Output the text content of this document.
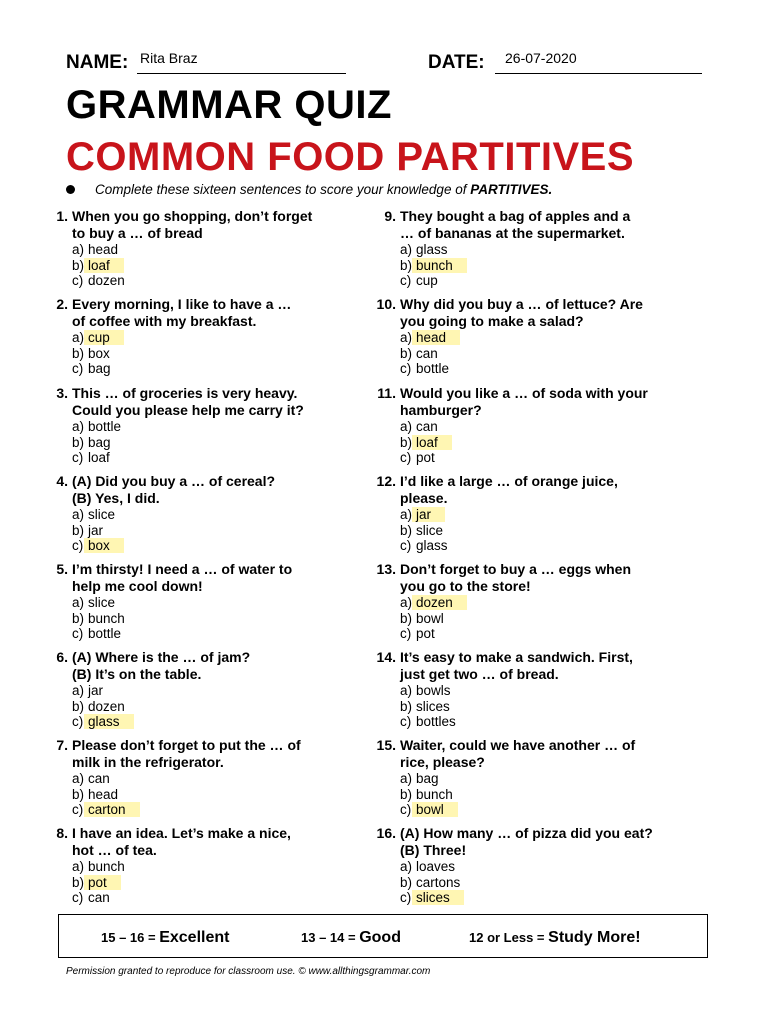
NAME: Rita Braz	DATE:	26-07-2020
GRAMMAR QUIZ
COMMON FOOD PARTITIVES
Complete these sixteen sentences to score your knowledge of PARTITIVES.
1. When you go shopping, don’t forget
to buy a … of bread
a) head
b) loaf
c) dozen
2. Every morning, I like to have a …
of coffee with my breakfast.
a) cup
b) box
c) bag
3. This … of groceries is very heavy.
Could you please help me carry it?
a) bottle
b) bag
c) loaf
4. (A) Did you buy a … of cereal?
(B) Yes, I did.
a) slice
b) jar
c) box
5. I’m thirsty! I need a … of water to
help me cool down!
a) slice
b) bunch
c) bottle
6. (A) Where is the … of jam?
(B) It’s on the table.
a) jar
b) dozen
c) glass
7. Please don’t forget to put the … of
milk in the refrigerator.
a) can
b) head
c) carton
8. I have an idea. Let’s make a nice,
hot … of tea.
a) bunch
b) pot
c) can
9. They bought a bag of apples and a
… of bananas at the supermarket.
a) glass
b) bunch
c) cup
10. Why did you buy a … of lettuce? Are
you going to make a salad?
a) head
b) can
c) bottle
11. Would you like a … of soda with your
hamburger?
a) can
b) loaf
c) pot
12. I’d like a large … of orange juice,
please.
a) jar
b) slice
c) glass
13. Don’t forget to buy a … eggs when
you go to the store!
a) dozen
b) bowl
c) pot
14. It’s easy to make a sandwich. First,
just get two … of bread.
a) bowls
b) slices
c) bottles
15. Waiter, could we have another … of
rice, please?
a) bag
b) bunch
c) bowl
16. (A) How many … of pizza did you eat?
(B) Three!
a) loaves
b) cartons
c) slices
15 – 16 = Excellent	13 – 14 = Good	12 or Less = Study More!
Permission granted to reproduce for classroom use. © www.allthingsgrammar.com
